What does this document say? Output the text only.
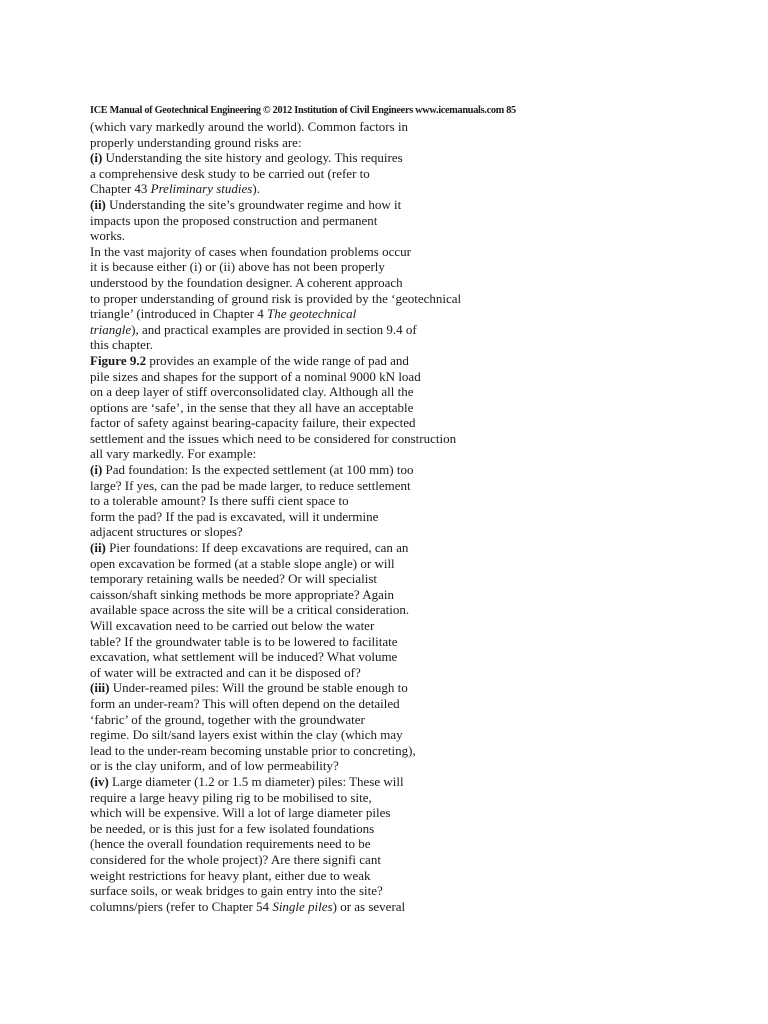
ICE Manual of Geotechnical Engineering © 2012 Institution of Civil Engineers www.icemanuals.com 85
(which vary markedly around the world). Common factors in
properly understanding ground risks are:
(i) Understanding the site history and geology. This requires
a comprehensive desk study to be carried out (refer to
Chapter 43 Preliminary studies).
(ii) Understanding the site’s groundwater regime and how it
impacts upon the proposed construction and permanent
works.
In the vast majority of cases when foundation problems occur
it is because either (i) or (ii) above has not been properly
understood by the foundation designer. A coherent approach
to proper understanding of ground risk is provided by the ‘geotechnical
triangle’ (introduced in Chapter 4 The geotechnical
triangle), and practical examples are provided in section 9.4 of
this chapter.
Figure 9.2 provides an example of the wide range of pad and
pile sizes and shapes for the support of a nominal 9000 kN load
on a deep layer of stiff overconsolidated clay. Although all the
options are ‘safe’, in the sense that they all have an acceptable
factor of safety against bearing-capacity failure, their expected
settlement and the issues which need to be considered for construction
all vary markedly. For example:
(i) Pad foundation: Is the expected settlement (at 100 mm) too
large? If yes, can the pad be made larger, to reduce settlement
to a tolerable amount? Is there suffi cient space to
form the pad? If the pad is excavated, will it undermine
adjacent structures or slopes?
(ii) Pier foundations: If deep excavations are required, can an
open excavation be formed (at a stable slope angle) or will
temporary retaining walls be needed? Or will specialist
caisson/shaft sinking methods be more appropriate? Again
available space across the site will be a critical consideration.
Will excavation need to be carried out below the water
table? If the groundwater table is to be lowered to facilitate
excavation, what settlement will be induced? What volume
of water will be extracted and can it be disposed of?
(iii) Under-reamed piles: Will the ground be stable enough to
form an under-ream? This will often depend on the detailed
‘fabric’ of the ground, together with the groundwater
regime. Do silt/sand layers exist within the clay (which may
lead to the under-ream becoming unstable prior to concreting),
or is the clay uniform, and of low permeability?
(iv) Large diameter (1.2 or 1.5 m diameter) piles: These will
require a large heavy piling rig to be mobilised to site,
which will be expensive. Will a lot of large diameter piles
be needed, or is this just for a few isolated foundations
(hence the overall foundation requirements need to be
considered for the whole project)? Are there signifi cant
weight restrictions for heavy plant, either due to weak
surface soils, or weak bridges to gain entry into the site?
columns/piers (refer to Chapter 54 Single piles) or as several
